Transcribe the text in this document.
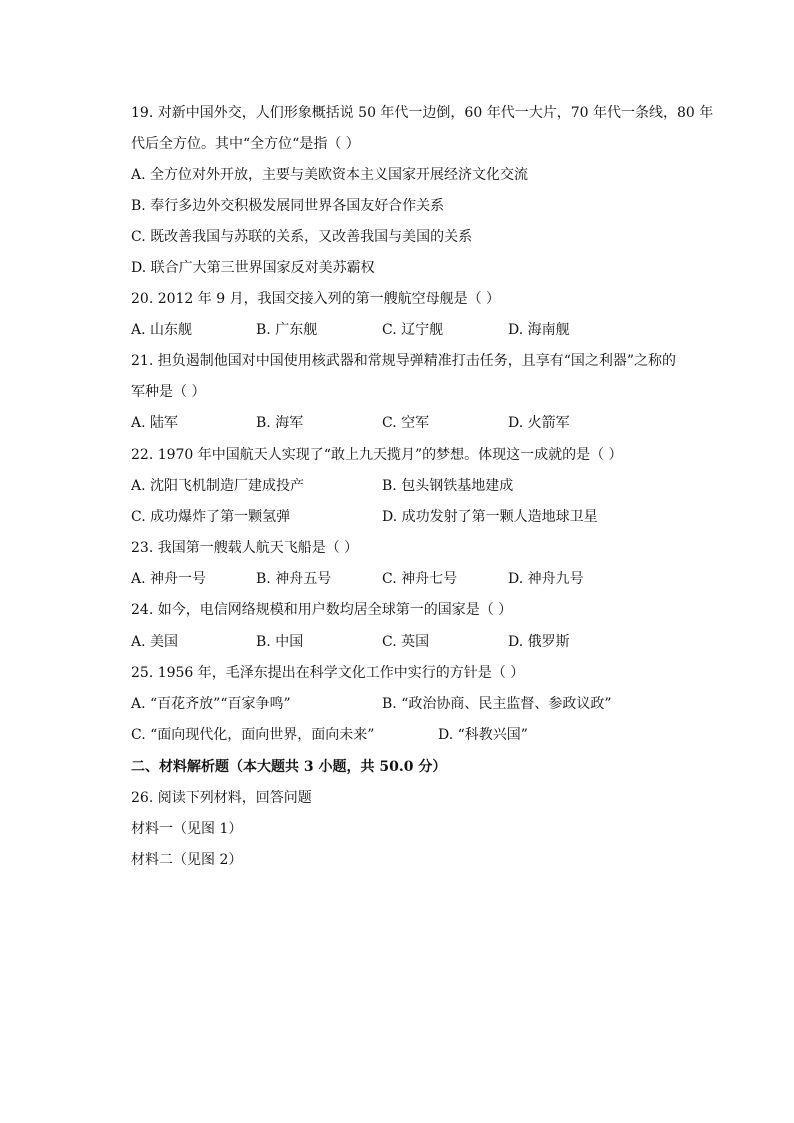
19. 对新中国外交，人们形象概括说 50 年代一边倒，60 年代一大片，70 年代一条线，80 年
代后全方位。其中“全方位“是指（ ）
A. 全方位对外开放，主要与美欧资本主义国家开展经济文化交流
B. 奉行多边外交积极发展同世界各国友好合作关系
C. 既改善我国与苏联的关系，又改善我国与美国的关系
D. 联合广大第三世界国家反对美苏霸权
20. 2012 年 9 月，我国交接入列的第一艘航空母舰是（ ）
A. 山东舰	B. 广东舰	C. 辽宁舰	D. 海南舰
21. 担负遏制他国对中国使用核武器和常规导弹精准打击任务，且享有“国之利器”之称的
军种是（ ）
A. 陆军	B. 海军	C. 空军	D. 火箭军
22. 1970 年中国航天人实现了“敢上九天揽月”的梦想。体现这一成就的是（ ）
A. 沈阳飞机制造厂建成投产	B. 包头钢铁基地建成
C. 成功爆炸了第一颗氢弹	D. 成功发射了第一颗人造地球卫星
23. 我国第一艘载人航天飞船是（ ）
A. 神舟一号	B. 神舟五号	C. 神舟七号	D. 神舟九号
24. 如今，电信网络规模和用户数均居全球第一的国家是（ ）
A. 美国	B. 中国	C. 英国	D. 俄罗斯
25. 1956 年，毛泽东提出在科学文化工作中实行的方针是（ ）
A. “百花齐放”“百家争鸣”	B. “政治协商、民主监督、参政议政”
C. “面向现代化，面向世界，面向未来”	D. “科教兴国”
二、材料解析题（本大题共 3 小题，共 50.0 分）
26. 阅读下列材料，回答问题
材料一（见图 1）
材料二（见图 2）
